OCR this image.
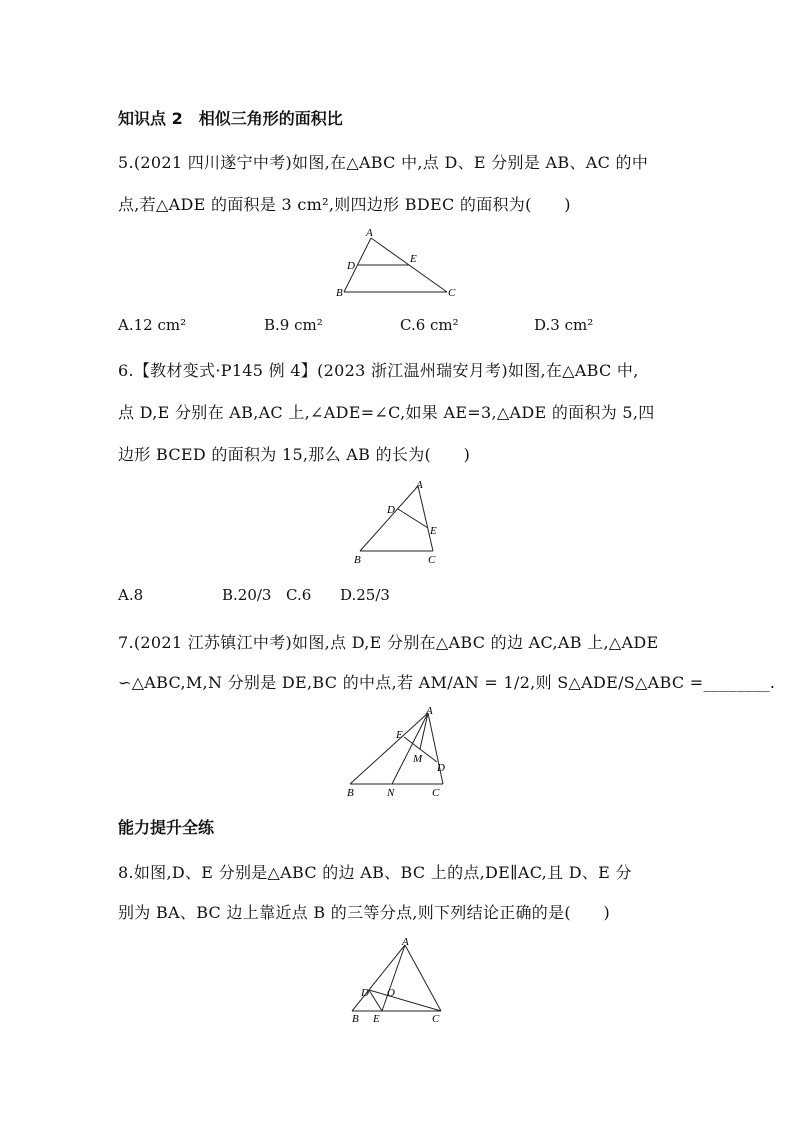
知识点 2　相似三角形的面积比
5.(2021 四川遂宁中考)如图,在△ABC 中,点 D、E 分别是 AB、AC 的中
点,若△ADE 的面积是 3 cm²,则四边形 BDEC 的面积为(　　)
A
D
E
B	C
A.12 cm²	B.9 cm²	C.6 cm²	D.3 cm²
6.【教材变式·P145 例 4】(2023 浙江温州瑞安月考)如图,在△ABC 中,
点 D,E 分别在 AB,AC 上,∠ADE=∠C,如果 AE=3,△ADE 的面积为 5,四
边形 BCED 的面积为 15,那么 AB 的长为(　　)
A
D
E
B	C
A.8	B.20/3 C.6 D.25/3
7.(2021 江苏镇江中考)如图,点 D,E 分别在△ABC 的边 AC,AB 上,△ADE
∽△ABC,M,N 分别是 DE,BC 的中点,若 AM/AN = 1/2,则 S△ADE/S△ABC =________.
A
E
M
D
B	N	C
能力提升全练
8.如图,D、E 分别是△ABC 的边 AB、BC 上的点,DE∥AC,且 D、E 分
别为 BA、BC 边上靠近点 B 的三等分点,则下列结论正确的是(　　)
A
D O
B E	C
